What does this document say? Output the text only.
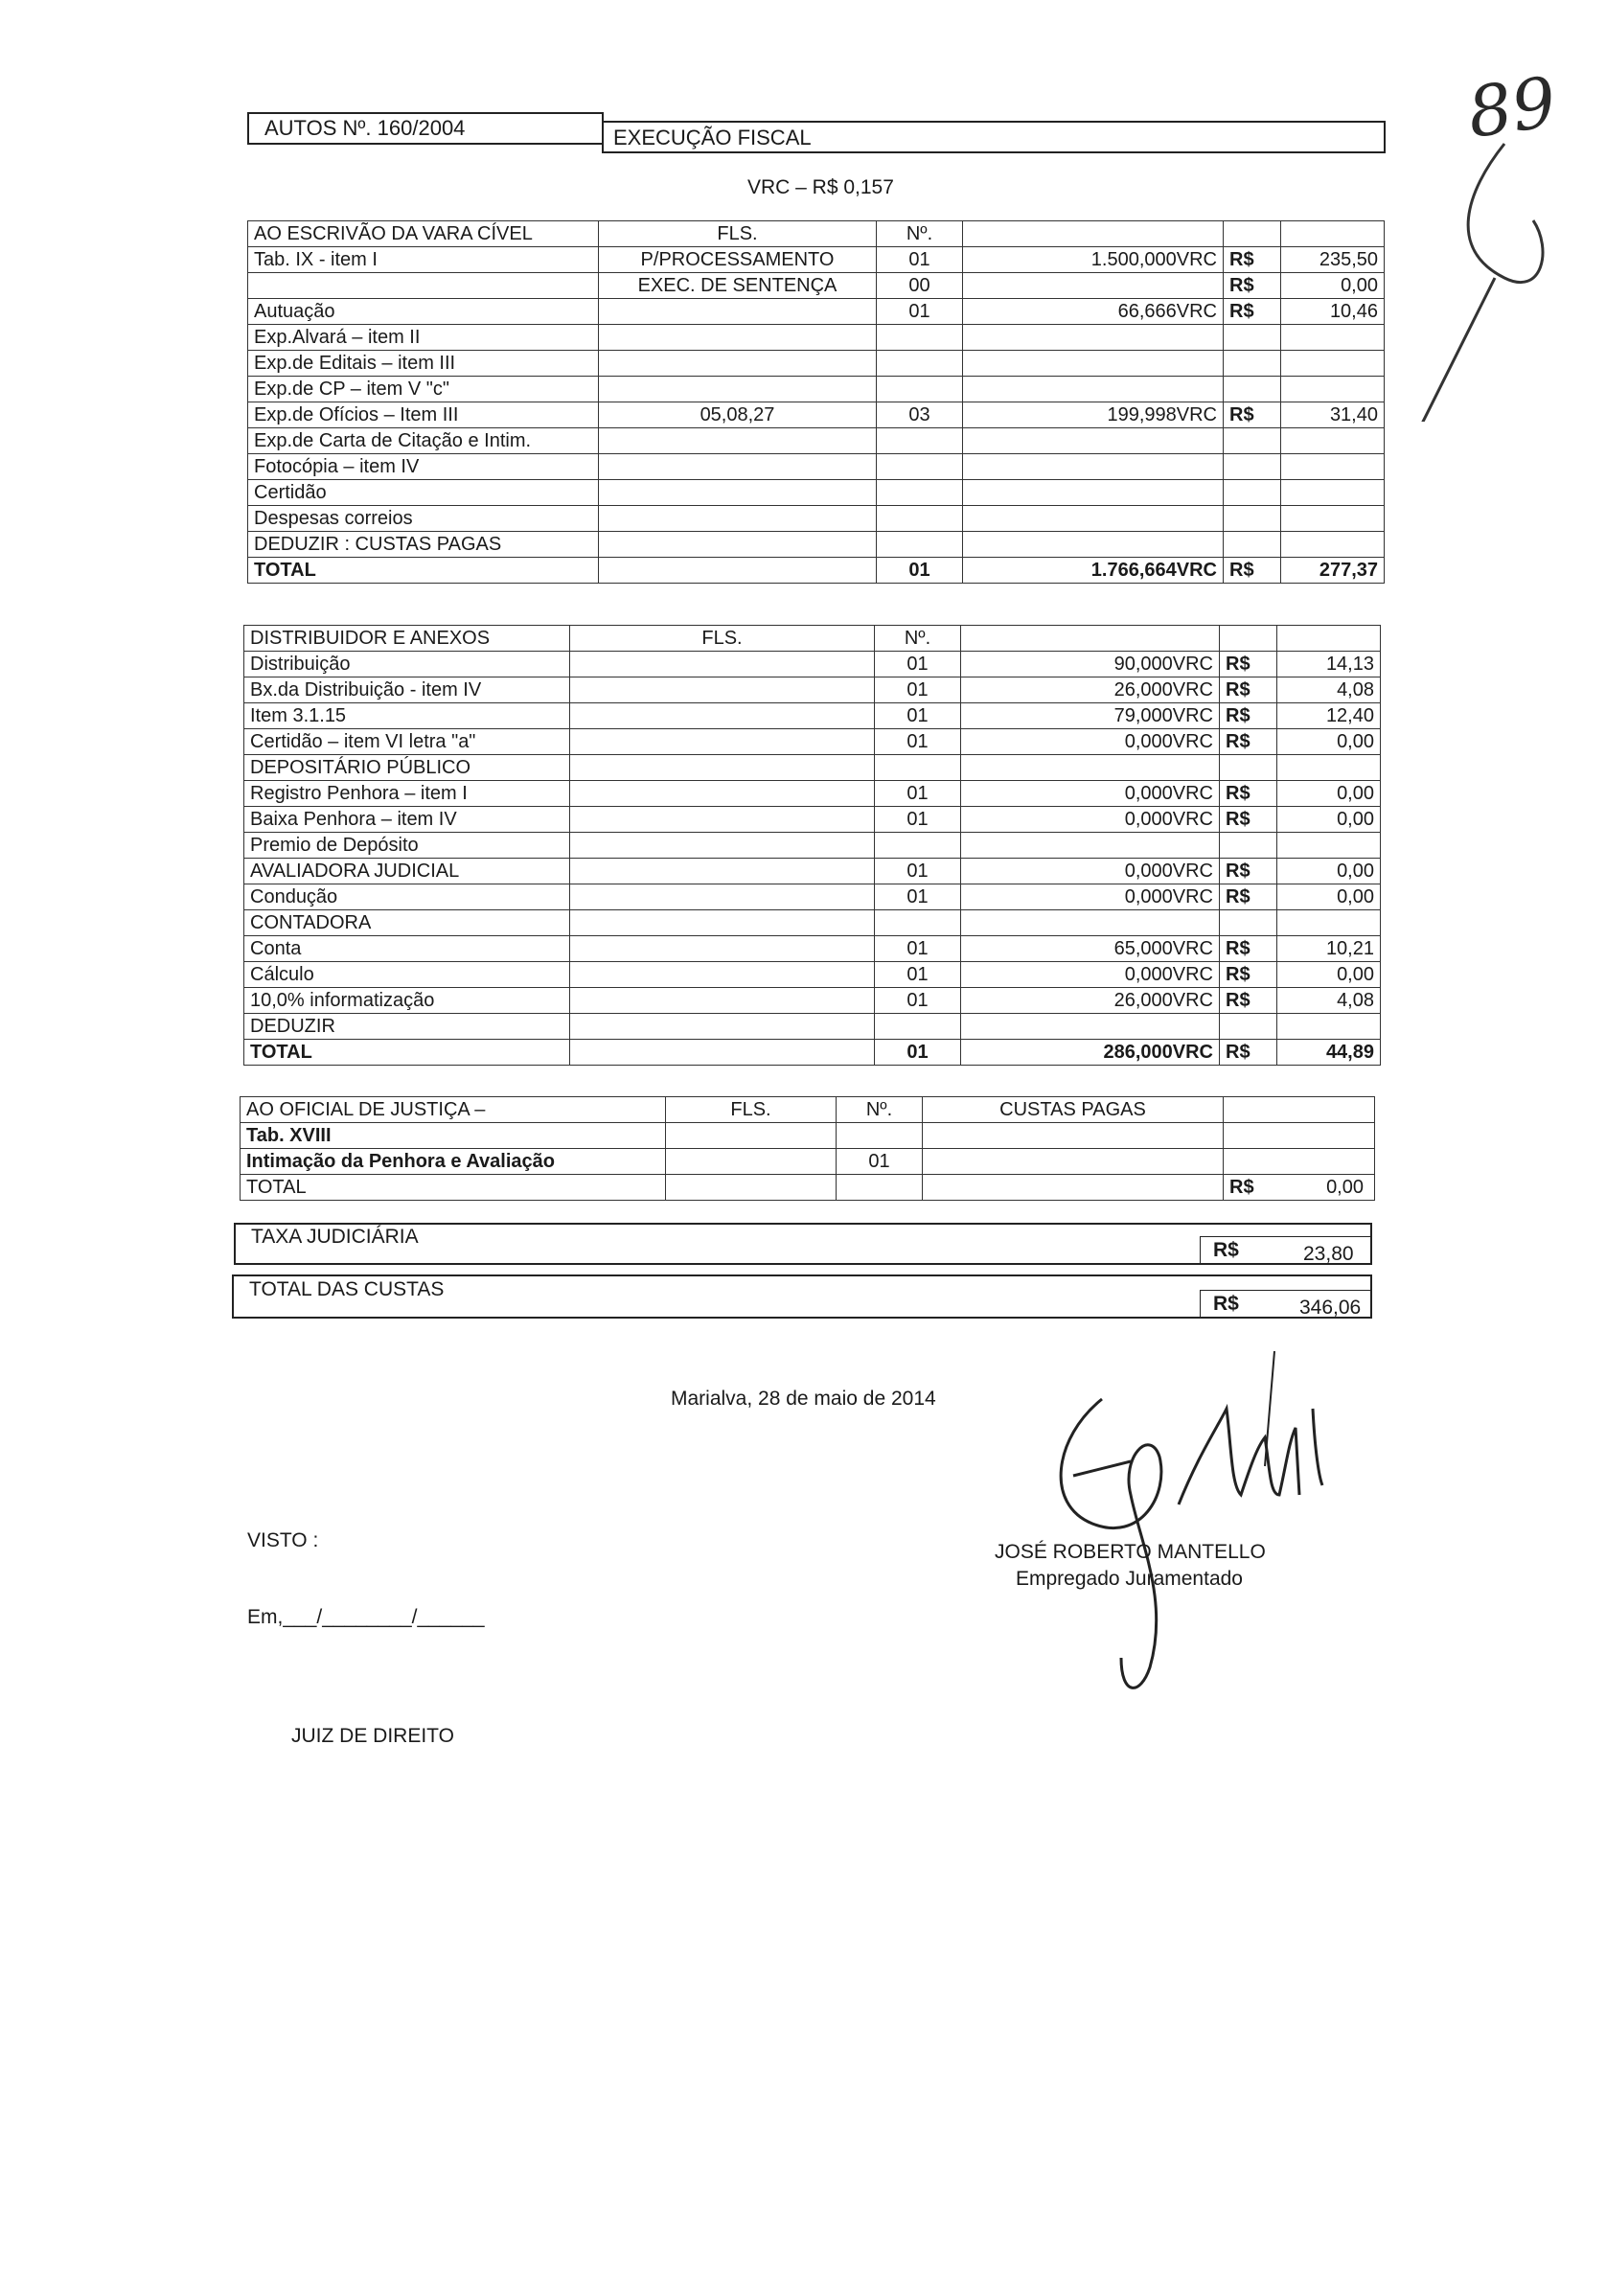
AUTOS Nº. 160/2004	EXECUÇÃO FISCAL
VRC – R$ 0,157
89
AO ESCRIVÃO DA VARA CÍVEL	FLS.	Nº.			
Tab. IX - item I	P/PROCESSAMENTO	01	1.500,000VRC	R$	235,50
	EXEC. DE SENTENÇA	00		R$	0,00
Autuação		01	66,666VRC	R$	10,46
Exp.Alvará – item II					
Exp.de Editais – item III					
Exp.de CP – item V "c"					
Exp.de Ofícios – Item III	05,08,27	03	199,998VRC	R$	31,40
Exp.de Carta de Citação e Intim.					
Fotocópia – item IV					
Certidão					
Despesas correios					
DEDUZIR : CUSTAS PAGAS					
TOTAL		01	1.766,664VRC	R$	277,37
DISTRIBUIDOR E ANEXOS	FLS.	Nº.			
Distribuição		01	90,000VRC	R$	14,13
Bx.da Distribuição - item IV		01	26,000VRC	R$	4,08
Item 3.1.15		01	79,000VRC	R$	12,40
Certidão – item VI letra "a"		01	0,000VRC	R$	0,00
DEPOSITÁRIO PÚBLICO					
Registro Penhora – item I		01	0,000VRC	R$	0,00
Baixa Penhora – item IV		01	0,000VRC	R$	0,00
Premio de Depósito					
AVALIADORA JUDICIAL		01	0,000VRC	R$	0,00
Condução		01	0,000VRC	R$	0,00
CONTADORA					
Conta		01	65,000VRC	R$	10,21
Cálculo		01	0,000VRC	R$	0,00
10,0% informatização		01	26,000VRC	R$	4,08
DEDUZIR					
TOTAL		01	286,000VRC	R$	44,89
AO OFICIAL DE JUSTIÇA –	FLS.	Nº.	CUSTAS PAGAS	
Tab. XVIII				
Intimação da Penhora e Avaliação		01		
TOTAL				R$ 0,00
TAXA JUDICIÁRIA
R$	23,80
TOTAL DAS CUSTAS
R$	346,06
Marialva, 28 de maio de 2014
JOSÉ ROBERTO MANTELLO
Empregado Juramentado
VISTO :
Em,___/________/______
JUIZ DE DIREITO
